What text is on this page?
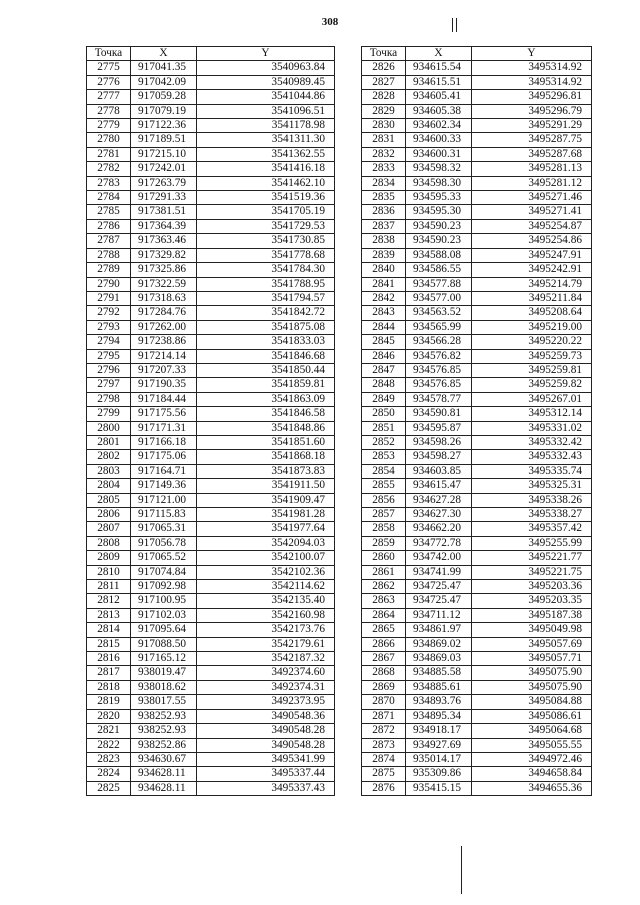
308
Точка	X	Y
2775	917041.35	3540963.84
2776	917042.09	3540989.45
2777	917059.28	3541044.86
2778	917079.19	3541096.51
2779	917122.36	3541178.98
2780	917189.51	3541311.30
2781	917215.10	3541362.55
2782	917242.01	3541416.18
2783	917263.79	3541462.10
2784	917291.33	3541519.36
2785	917381.51	3541705.19
2786	917364.39	3541729.53
2787	917363.46	3541730.85
2788	917329.82	3541778.68
2789	917325.86	3541784.30
2790	917322.59	3541788.95
2791	917318.63	3541794.57
2792	917284.76	3541842.72
2793	917262.00	3541875.08
2794	917238.86	3541833.03
2795	917214.14	3541846.68
2796	917207.33	3541850.44
2797	917190.35	3541859.81
2798	917184.44	3541863.09
2799	917175.56	3541846.58
2800	917171.31	3541848.86
2801	917166.18	3541851.60
2802	917175.06	3541868.18
2803	917164.71	3541873.83
2804	917149.36	3541911.50
2805	917121.00	3541909.47
2806	917115.83	3541981.28
2807	917065.31	3541977.64
2808	917056.78	3542094.03
2809	917065.52	3542100.07
2810	917074.84	3542102.36
2811	917092.98	3542114.62
2812	917100.95	3542135.40
2813	917102.03	3542160.98
2814	917095.64	3542173.76
2815	917088.50	3542179.61
2816	917165.12	3542187.32
2817	938019.47	3492374.60
2818	938018.62	3492374.31
2819	938017.55	3492373.95
2820	938252.93	3490548.36
2821	938252.93	3490548.28
2822	938252.86	3490548.28
2823	934630.67	3495341.99
2824	934628.11	3495337.44
2825	934628.11	3495337.43
Точка	X	Y
2826	934615.54	3495314.92
2827	934615.51	3495314.92
2828	934605.41	3495296.81
2829	934605.38	3495296.79
2830	934602.34	3495291.29
2831	934600.33	3495287.75
2832	934600.31	3495287.68
2833	934598.32	3495281.13
2834	934598.30	3495281.12
2835	934595.33	3495271.46
2836	934595.30	3495271.41
2837	934590.23	3495254.87
2838	934590.23	3495254.86
2839	934588.08	3495247.91
2840	934586.55	3495242.91
2841	934577.88	3495214.79
2842	934577.00	3495211.84
2843	934563.52	3495208.64
2844	934565.99	3495219.00
2845	934566.28	3495220.22
2846	934576.82	3495259.73
2847	934576.85	3495259.81
2848	934576.85	3495259.82
2849	934578.77	3495267.01
2850	934590.81	3495312.14
2851	934595.87	3495331.02
2852	934598.26	3495332.42
2853	934598.27	3495332.43
2854	934603.85	3495335.74
2855	934615.47	3495325.31
2856	934627.28	3495338.26
2857	934627.30	3495338.27
2858	934662.20	3495357.42
2859	934772.78	3495255.99
2860	934742.00	3495221.77
2861	934741.99	3495221.75
2862	934725.47	3495203.36
2863	934725.47	3495203.35
2864	934711.12	3495187.38
2865	934861.97	3495049.98
2866	934869.02	3495057.69
2867	934869.03	3495057.71
2868	934885.58	3495075.90
2869	934885.61	3495075.90
2870	934893.76	3495084.88
2871	934895.34	3495086.61
2872	934918.17	3495064.68
2873	934927.69	3495055.55
2874	935014.17	3494972.46
2875	935309.86	3494658.84
2876	935415.15	3494655.36
